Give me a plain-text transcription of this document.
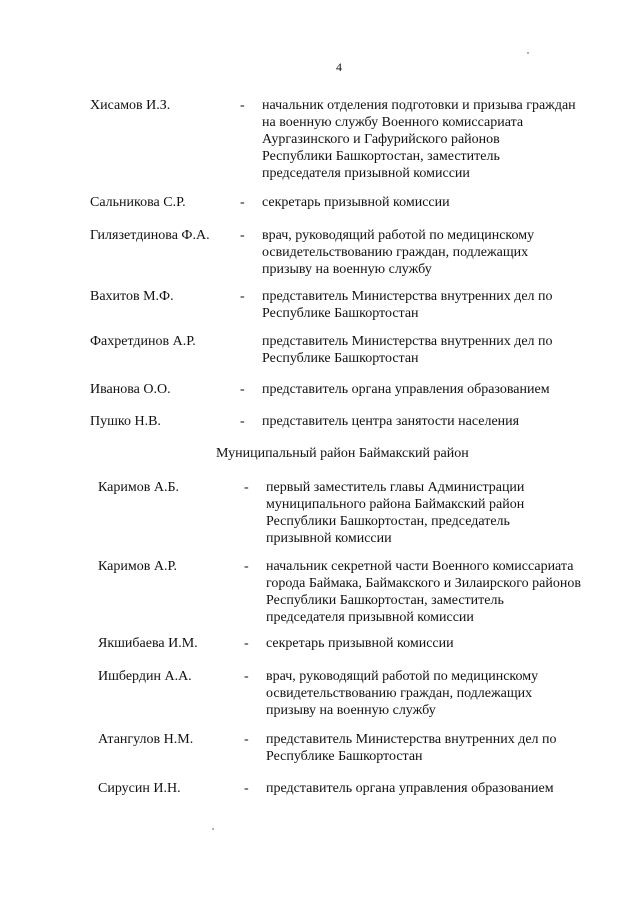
4
Хисамов И.З.	- начальник отделения подготовки и призыва граждан
на военную службу Военного комиссариата
Аургазинского и Гафурийского районов
Республики Башкортостан, заместитель
председателя призывной комиссии
Сальникова С.Р.	- секретарь призывной комиссии
Гилязетдинова Ф.А. - врач, руководящий работой по медицинскому
освидетельствованию граждан, подлежащих
призыву на военную службу
Вахитов М.Ф.	- представитель Министерства внутренних дел по
Республике Башкортостан
Фахретдинов А.Р.	представитель Министерства внутренних дел по
Республике Башкортостан
Иванова О.О.	- представитель органа управления образованием
Пушко Н.В.	- представитель центра занятости населения
Муниципальный район Баймакский район
Каримов А.Б.	- первый заместитель главы Администрации
муниципального района Баймакский район
Республики Башкортостан, председатель
призывной комиссии
Каримов А.Р.	- начальник секретной части Военного комиссариата
города Баймака, Баймакского и Зилаирского районов
Республики Башкортостан, заместитель
председателя призывной комиссии
Якшибаева И.М.	- секретарь призывной комиссии
Ишбердин А.А.	- врач, руководящий работой по медицинскому
освидетельствованию граждан, подлежащих
призыву на военную службу
Атангулов Н.М.	- представитель Министерства внутренних дел по
Республике Башкортостан
Сирусин И.Н.	- представитель органа управления образованием
